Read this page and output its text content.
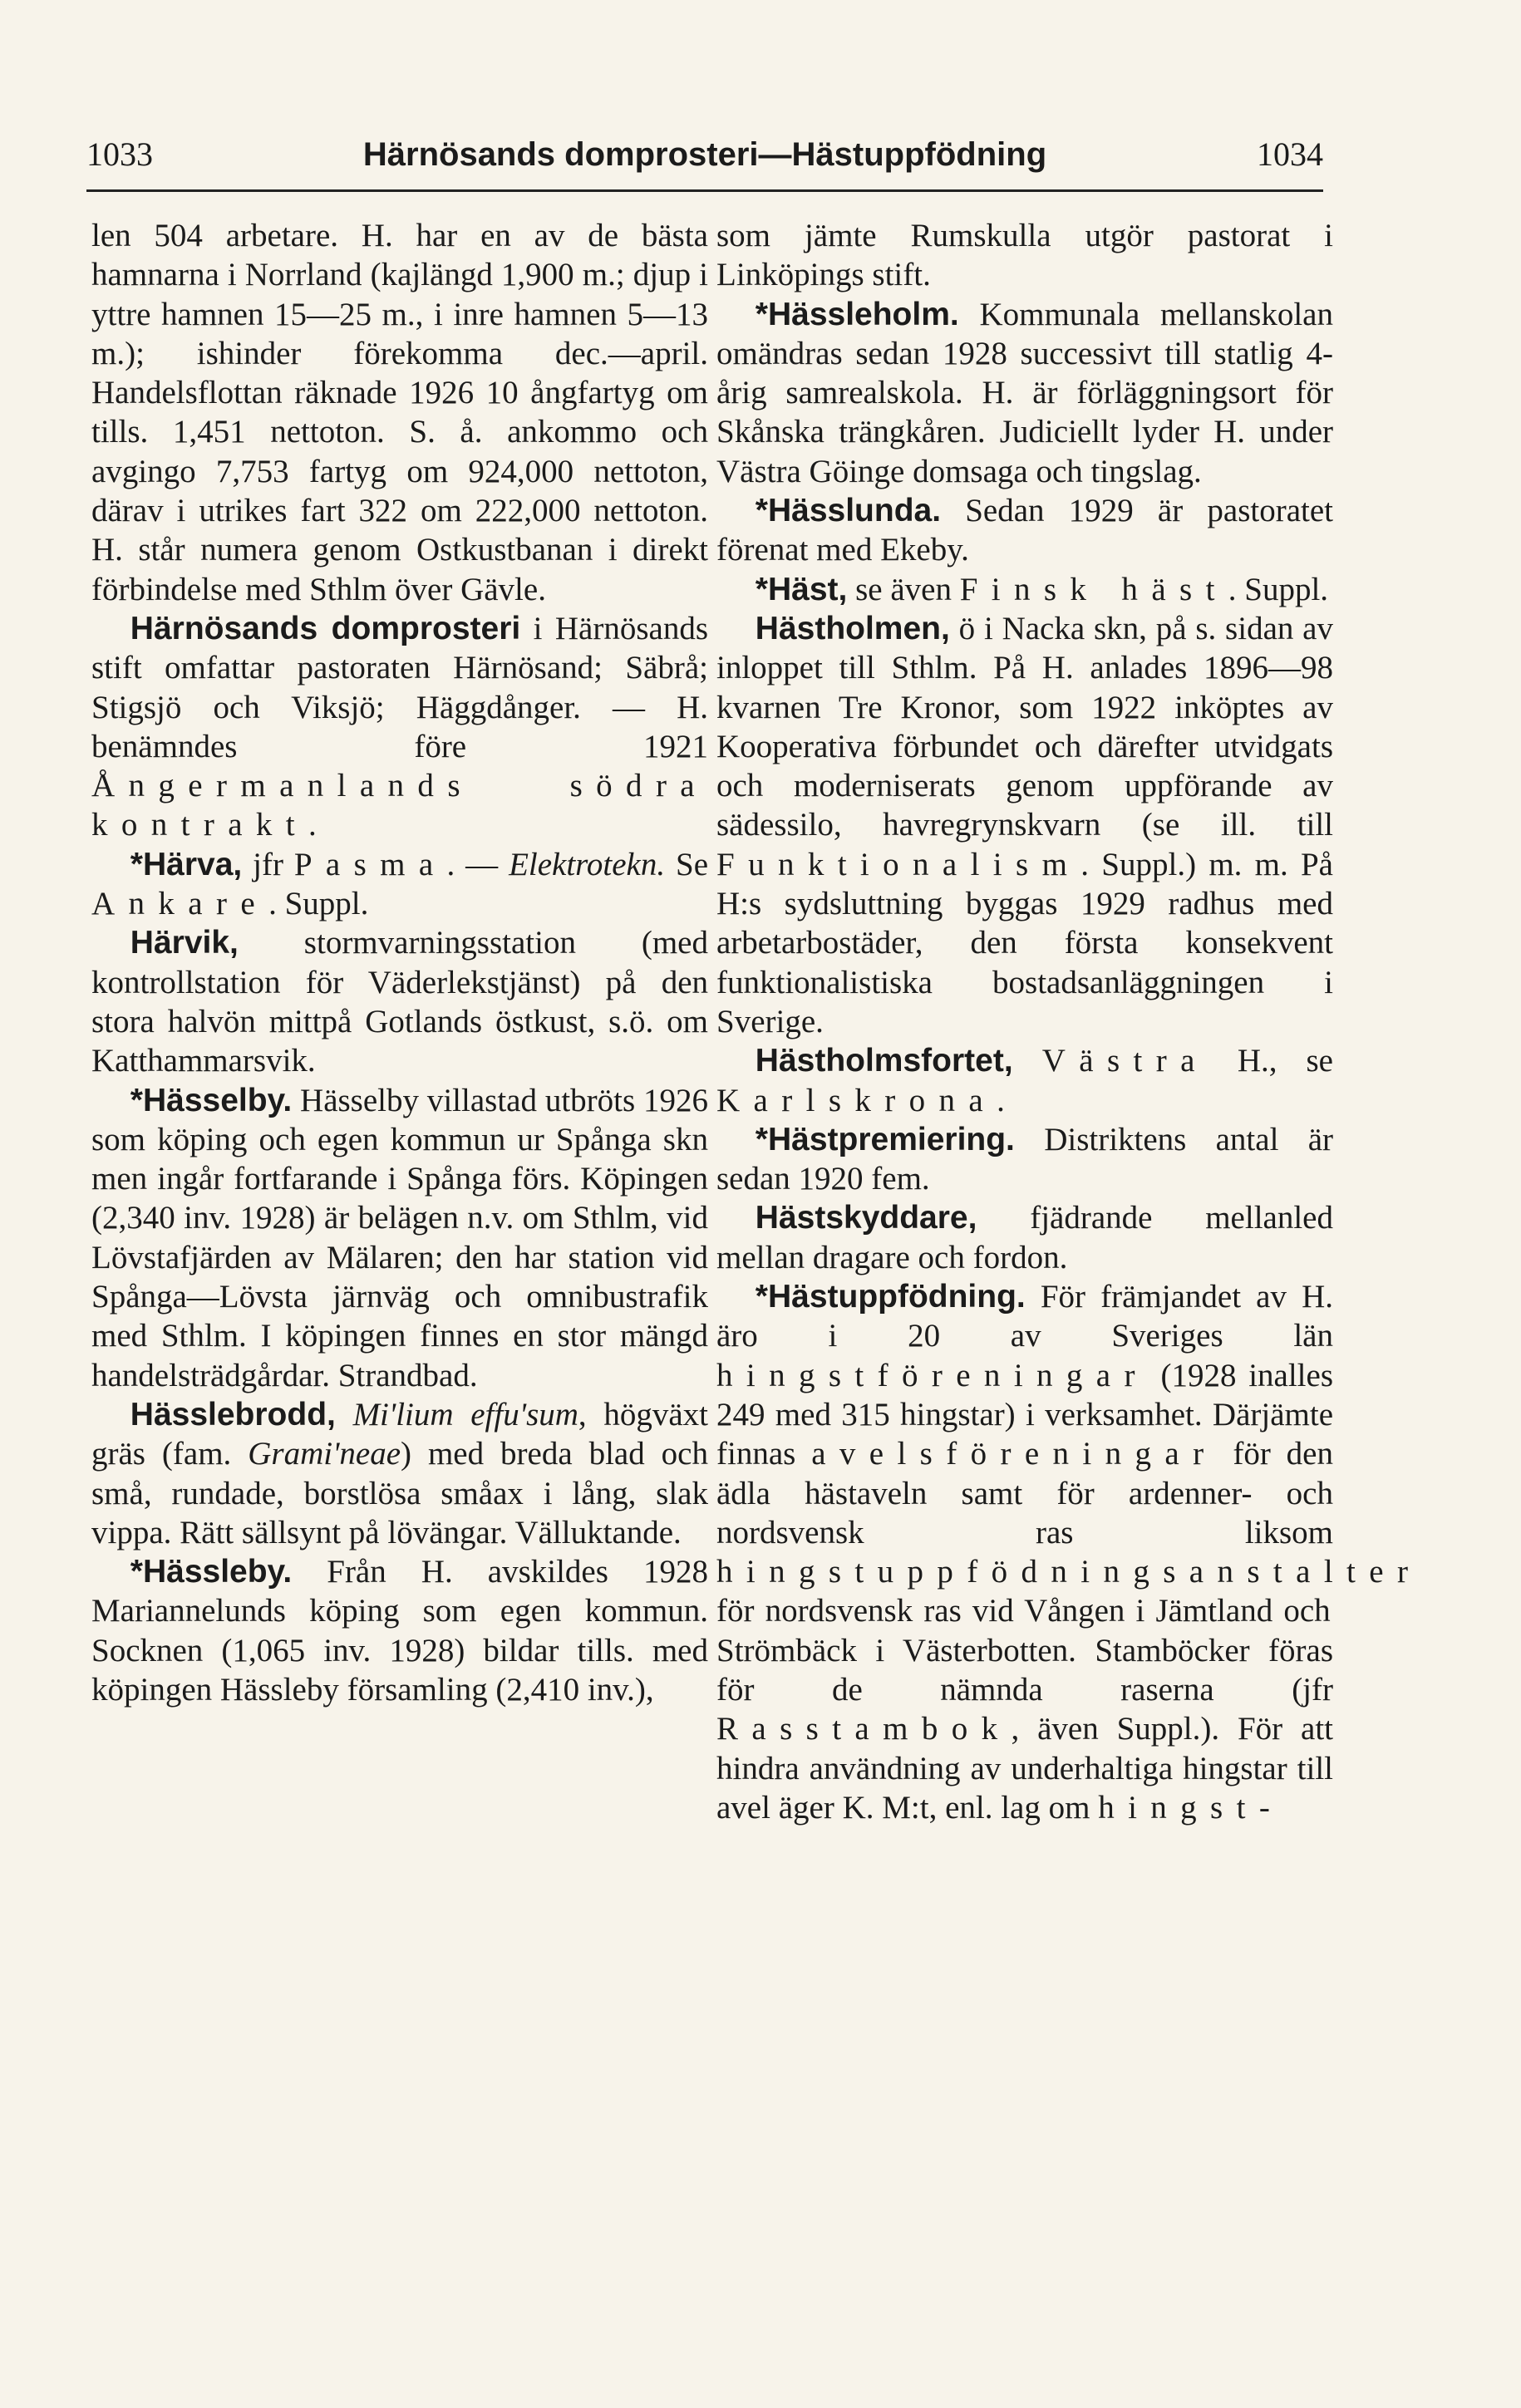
1033	Härnösands domprosteri—Hästuppfödning	1034

len 504 arbetare. H. har en av de bästa hamnarna i Norrland (kajlängd 1,900 m.; djup i yttre hamnen 15—25 m., i inre hamnen 5—13 m.); ishinder förekomma dec.—april. Handelsflottan räknade 1926 10 ångfartyg om tills. 1,451 nettoton. S. å. ankommo och avgingo 7,753 fartyg om 924,000 nettoton, därav i utrikes fart 322 om 222,000 nettoton. H. står numera genom Ostkustbanan i direkt förbindelse med Sthlm över Gävle.

Härnösands domprosteri i Härnösands stift omfattar pastoraten Härnösand; Säbrå; Stigsjö och Viksjö; Häggdånger. — H. benämndes före 1921 Ångermanlands södra kontrakt.

*Härva, jfr Pasma. — Elektrotekn. Se Ankare. Suppl.

Härvik, stormvarningsstation (med kontrollstation för Väderlekstjänst) på den stora halvön mittpå Gotlands östkust, s.ö. om Katthammarsvik.

*Hässelby. Hässelby villastad utbröts 1926 som köping och egen kommun ur Spånga skn men ingår fortfarande i Spånga förs. Köpingen (2,340 inv. 1928) är belägen n.v. om Sthlm, vid Lövstafjärden av Mälaren; den har station vid Spånga—Lövsta järnväg och omnibustrafik med Sthlm. I köpingen finnes en stor mängd handelsträdgårdar. Strandbad.

Hässlebrodd, Mi'lium effu'sum, högväxt gräs (fam. Grami'neae) med breda blad och små, rundade, borstlösa småax i lång, slak vippa. Rätt sällsynt på lövängar. Välluktande.

*Hässleby. Från H. avskildes 1928 Mariannelunds köping som egen kommun. Socknen (1,065 inv. 1928) bildar tills. med köpingen Hässleby församling (2,410 inv.),

som jämte Rumskulla utgör pastorat i Linköpings stift.

*Hässleholm. Kommunala mellanskolan omändras sedan 1928 successivt till statlig 4-årig samrealskola. H. är förläggningsort för Skånska trängkåren. Judiciellt lyder H. under Västra Göinge domsaga och tingslag.

*Hässlunda. Sedan 1929 är pastoratet förenat med Ekeby.

*Häst, se även Finsk häst. Suppl.

Hästholmen, ö i Nacka skn, på s. sidan av inloppet till Sthlm. På H. anlades 1896—98 kvarnen Tre Kronor, som 1922 inköptes av Kooperativa förbundet och därefter utvidgats och moderniserats genom uppförande av sädessilo, havregrynskvarn (se ill. till Funktionalism. Suppl.) m. m. På H:s sydsluttning byggas 1929 radhus med arbetarbostäder, den första konsekvent funktionalistiska bostadsanläggningen i Sverige.

Hästholmsfortet, Västra H., se Karlskrona.

*Hästpremiering. Distriktens antal är sedan 1920 fem.

Hästskyddare, fjädrande mellanled mellan dragare och fordon.

*Hästuppfödning. För främjandet av H. äro i 20 av Sveriges län hingstföreningar (1928 inalles 249 med 315 hingstar) i verksamhet. Därjämte finnas avelsföreningar för den ädla hästaveln samt för ardenner- och nordsvensk ras liksom hingstuppfödningsanstalter för nordsvensk ras vid Vången i Jämtland och Strömbäck i Västerbotten. Stamböcker föras för de nämnda raserna (jfr Rasstambok, även Suppl.). För att hindra användning av underhaltiga hingstar till avel äger K. M:t, enl. lag om hingst-
